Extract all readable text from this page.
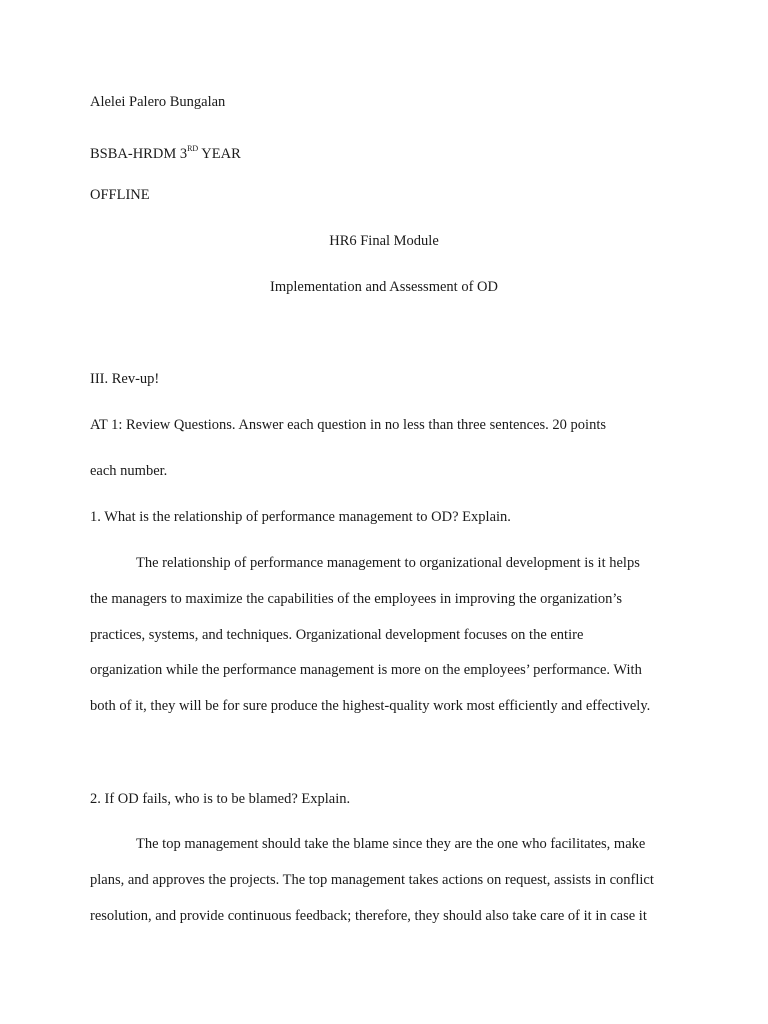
Alelei Palero Bungalan
BSBA-HRDM 3RD YEAR
OFFLINE
HR6 Final Module
Implementation and Assessment of OD
III. Rev-up!
AT 1: Review Questions. Answer each question in no less than three sentences. 20 points
each number.
1. What is the relationship of performance management to OD? Explain.
The relationship of performance management to organizational development is it helps
the managers to maximize the capabilities of the employees in improving the organization’s
practices, systems, and techniques. Organizational development focuses on the entire
organization while the performance management is more on the employees’ performance. With
both of it, they will be for sure produce the highest-quality work most efficiently and effectively.
2. If OD fails, who is to be blamed? Explain.
The top management should take the blame since they are the one who facilitates, make
plans, and approves the projects. The top management takes actions on request, assists in conflict
resolution, and provide continuous feedback; therefore, they should also take care of it in case it
